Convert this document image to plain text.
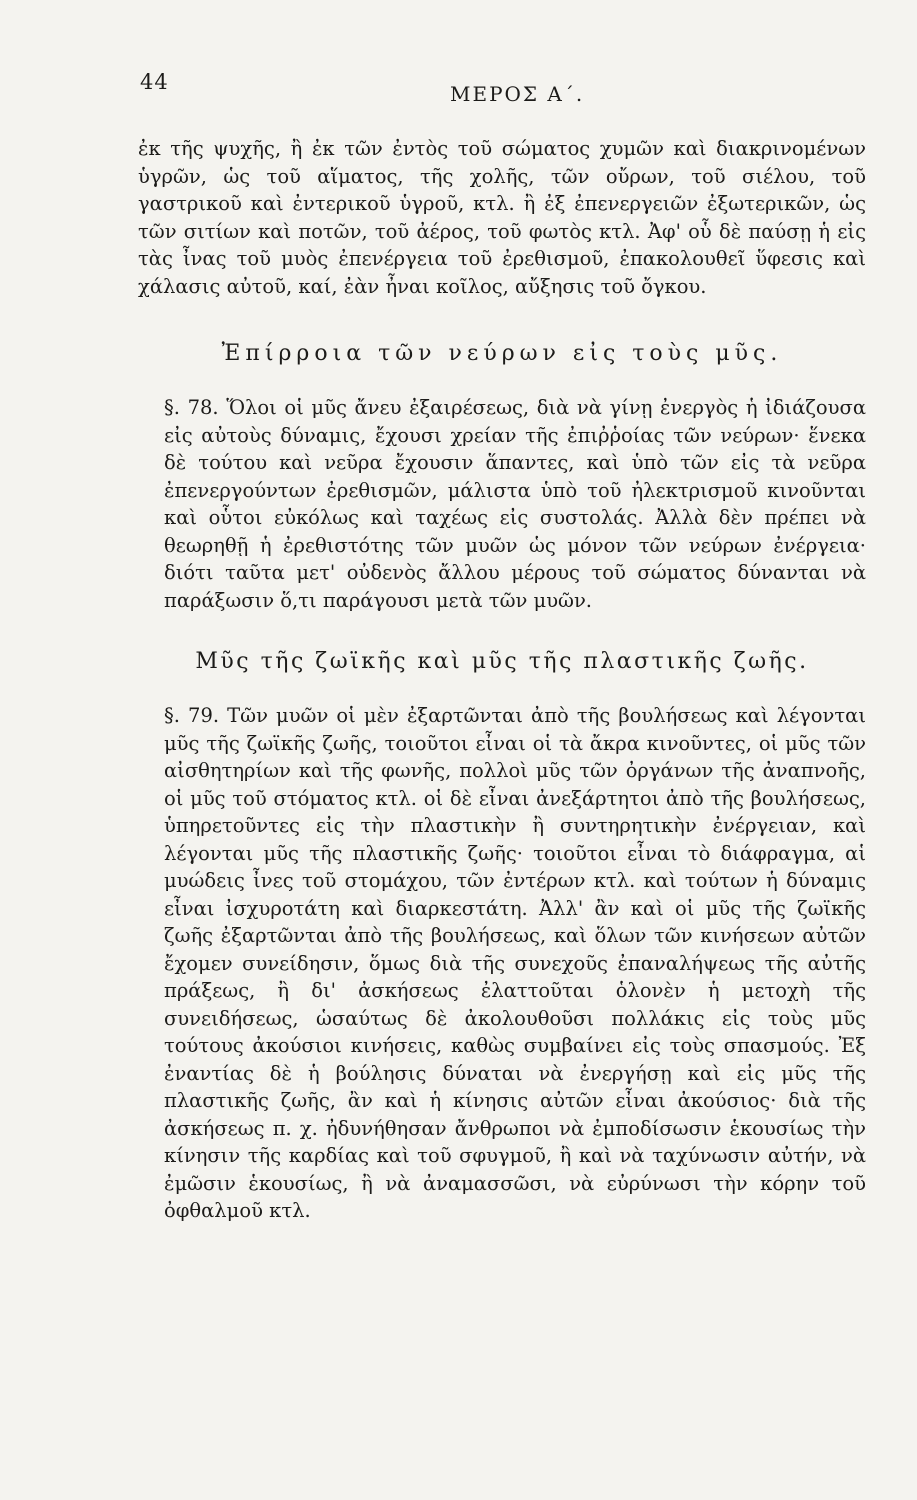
44	ΜΕΡΟΣ Α΄.

ἐκ τῆς ψυχῆς, ἢ ἐκ τῶν ἐντὸς τοῦ σώματος χυμῶν καὶ διακρινομένων ὑγρῶν, ὡς τοῦ αἵματος, τῆς χολῆς, τῶν οὔρων, τοῦ σιέλου, τοῦ γαστρικοῦ καὶ ἐντερικοῦ ὑγροῦ, κτλ. ἢ ἐξ ἐπενεργειῶν ἐξωτερικῶν, ὡς τῶν σιτίων καὶ ποτῶν, τοῦ ἀέρος, τοῦ φωτὸς κτλ. Ἀφ' οὗ δὲ παύσῃ ἡ εἰς τὰς ἶνας τοῦ μυὸς ἐπενέργεια τοῦ ἐρεθισμοῦ, ἐπακολουθεῖ ὕφεσις καὶ χάλασις αὐτοῦ, καί, ἐὰν ἦναι κοῖλος, αὔξησις τοῦ ὄγκου.

Ἐπίρροια τῶν νεύρων εἰς τοὺς μῦς.

§. 78. Ὅλοι οἱ μῦς ἄνευ ἐξαιρέσεως, διὰ νὰ γίνῃ ἐνεργὸς ἡ ἰδιάζουσα εἰς αὐτοὺς δύναμις, ἔχουσι χρείαν τῆς ἐπιῤῥοίας τῶν νεύρων· ἕνεκα δὲ τούτου καὶ νεῦρα ἔχουσιν ἅπαντες, καὶ ὑπὸ τῶν εἰς τὰ νεῦρα ἐπενεργούντων ἐρεθισμῶν, μάλιστα ὑπὸ τοῦ ἠλεκτρισμοῦ κινοῦνται καὶ οὗτοι εὐκόλως καὶ ταχέως εἰς συστολάς. Ἀλλὰ δὲν πρέπει νὰ θεωρηθῇ ἡ ἐρεθιστότης τῶν μυῶν ὡς μόνον τῶν νεύρων ἐνέργεια· διότι ταῦτα μετ' οὐδενὸς ἄλλου μέρους τοῦ σώματος δύνανται νὰ παράξωσιν ὅ,τι παράγουσι μετὰ τῶν μυῶν.

Μῦς τῆς ζωϊκῆς καὶ μῦς τῆς πλαστικῆς ζωῆς.

§. 79. Τῶν μυῶν οἱ μὲν ἐξαρτῶνται ἀπὸ τῆς βουλήσεως καὶ λέγονται μῦς τῆς ζωϊκῆς ζωῆς, τοιοῦτοι εἶναι οἱ τὰ ἄκρα κινοῦντες, οἱ μῦς τῶν αἰσθητηρίων καὶ τῆς φωνῆς, πολλοὶ μῦς τῶν ὀργάνων τῆς ἀναπνοῆς, οἱ μῦς τοῦ στόματος κτλ. οἱ δὲ εἶναι ἀνεξάρτητοι ἀπὸ τῆς βουλήσεως, ὑπηρετοῦντες εἰς τὴν πλαστικὴν ἢ συντηρητικὴν ἐνέργειαν, καὶ λέγονται μῦς τῆς πλαστικῆς ζωῆς· τοιοῦτοι εἶναι τὸ διάφραγμα, αἱ μυώδεις ἶνες τοῦ στομάχου, τῶν ἐντέρων κτλ. καὶ τούτων ἡ δύναμις εἶναι ἰσχυροτάτη καὶ διαρκεστάτη. Ἀλλ' ἂν καὶ οἱ μῦς τῆς ζωϊκῆς ζωῆς ἐξαρτῶνται ἀπὸ τῆς βουλήσεως, καὶ ὅλων τῶν κινήσεων αὐτῶν ἔχομεν συνείδησιν, ὅμως διὰ τῆς συνεχοῦς ἐπαναλήψεως τῆς αὐτῆς πράξεως, ἢ δι' ἀσκήσεως ἐλαττοῦται ὁλονὲν ἡ μετοχὴ τῆς συνειδήσεως, ὡσαύτως δὲ ἀκολουθοῦσι πολλάκις εἰς τοὺς μῦς τούτους ἀκούσιοι κινήσεις, καθὼς συμβαίνει εἰς τοὺς σπασμούς. Ἐξ ἐναντίας δὲ ἡ βούλησις δύναται νὰ ἐνεργήσῃ καὶ εἰς μῦς τῆς πλαστικῆς ζωῆς, ἂν καὶ ἡ κίνησις αὐτῶν εἶναι ἀκούσιος· διὰ τῆς ἀσκήσεως π. χ. ἠδυνήθησαν ἄνθρωποι νὰ ἐμποδίσωσιν ἑκουσίως τὴν κίνησιν τῆς καρδίας καὶ τοῦ σφυγμοῦ, ἢ καὶ νὰ ταχύνωσιν αὐτήν, νὰ ἐμῶσιν ἑκουσίως, ἢ νὰ ἀναμασσῶσι, νὰ εὐρύνωσι τὴν κόρην τοῦ ὀφθαλμοῦ κτλ.
